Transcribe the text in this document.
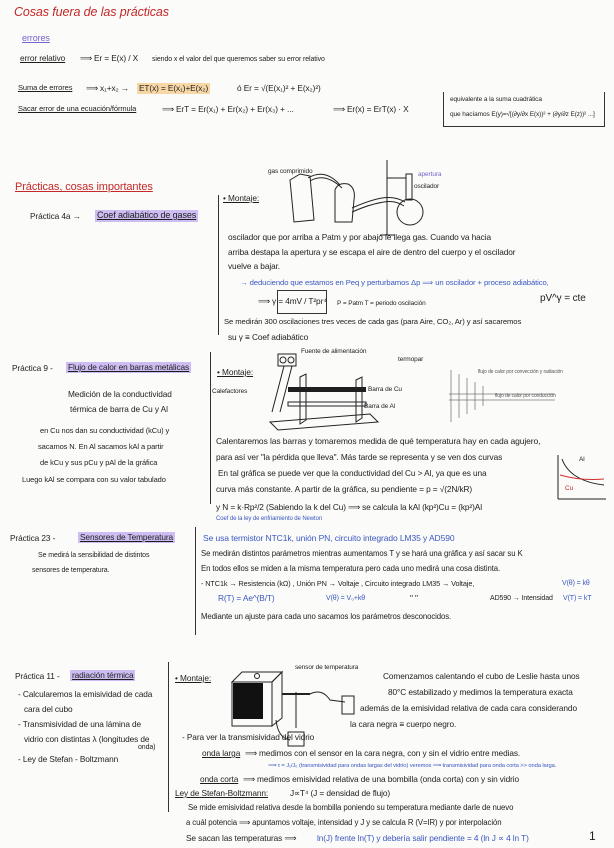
Cosas fuera de las prácticas
errores
error relativo ⟹ Er = E(x) / X siendo x el valor del que queremos saber su error relativo
Suma de errores ⟹ x₁+x₂ → ET(x) = E(x₁)+E(x₂)	ó Er = √(E(x₁)² + E(x₂)²)
Sacar error de una ecuación/fórmula	⟹ ErT = Er(x₁) + Er(x₂) + Er(x₃) + ...	⟹ Er(x) = ErT(x) · X
equivalente a la suma cuadrática
que hacíamos E(y)=√[(∂y/∂x E(x))² + (∂y/∂z E(z))² ...]
Prácticas, cosas importantes
Práctica 4a → Coef adiabático de gases
• Montaje:
gas comprimido	apertura
oscilador
oscilador que por arriba a Patm y por abajo le llega gas. Cuando va hacia
arriba destapa la apertura y se escapa el aire de dentro del cuerpo y el oscilador
vuelve a bajar.
→ deduciendo que estamos en Peq y perturbamos Δp ⟹ un oscilador + proceso adiabático,
⟹ γ = 4mV / T²pr⁴ P = Patm T = periodo oscilación	pV^γ = cte
Se medirán 300 oscilaciones tres veces de cada gas (para Aire, CO₂, Ar) y así sacaremos
su γ ≡ Coef adiabático
Práctica 9 - Flujo de calor en barras metálicas
Medición de la conductividad
térmica de barra de Cu y Al
en Cu nos dan su conductividad (kCu) y
sacamos N. En Al sacamos kAl a partir
de kCu y sus pCu y pAl de la gráfica
Luego kAl se compara con su valor tabulado
• Montaje:
Fuente de alimentación
termopar
Calefactores	Barra de Cu
Barra de Al
flujo de calor por convección y radiación
flujo de calor por conducción
Al
Cu
Calentaremos las barras y tomaremos medida de qué temperatura hay en cada agujero,
para así ver "la pérdida que lleva". Más tarde se representa y se ven dos curvas
En tal gráfica se puede ver que la conductividad del Cu > Al, ya que es una
curva más constante. A partir de la gráfica, su pendiente = p = √(2N/kR)
y N = k·Rp²/2 (Sabiendo la k del Cu) ⟹ se calcula la kAl (kp²)Cu = (kp²)Al
Coef de la ley de enfriamiento de Newton
Práctica 23 -	Sensores de Temperatura
Se medirá la sensibilidad de distintos
sensores de temperatura.
Se usa termistor NTC1k, unión PN, circuito integrado LM35 y AD590
Se medirán distintos parámetros mientras aumentamos T y se hará una gráfica y así sacar su K
En todos ellos se miden a la misma temperatura pero cada uno medirá una cosa distinta.
- NTC1k → Resistencia (kΩ) , Unión PN → Voltaje , Circuito integrado LM35 → Voltaje,	V(θ) = kθ
R(T) = Ae^(B/T)	V(θ) = V₀+kθ	" "	AD590 → Intensidad V(T) = kT
Mediante un ajuste para cada uno sacamos los parámetros desconocidos.
Práctica 11 - radiación térmica
- Calcularemos la emisividad de cada
cara del cubo
- Transmisividad de una lámina de
vidrio con distintas λ (longitudes de
onda)
- Ley de Stefan - Boltzmann
• Montaje:
sensor de temperatura
Comenzamos calentando el cubo de Leslie hasta unos
80°C estabilizado y medimos la temperatura exacta
además de la emisividad relativa de cada cara considerando
la cara negra ≡ cuerpo negro.
- Para ver la transmisividad del vidrio
onda larga ⟹ medimos con el sensor en la cara negra, con y sin el vidrio entre medias.
⟹ τ = J₁/J₀ (transmisividad para ondas largas del vidrio) veremos ⟹ transmisividad para onda corta >> onda larga.
onda corta ⟹ medimos emisividad relativa de una bombilla (onda corta) con y sin vidrio
Ley de Stefan-Boltzmann:	J∝T⁴ (J = densidad de flujo)
Se mide emisividad relativa desde la bombilla poniendo su temperatura mediante darle de nuevo
a cuál potencia ⟹ apuntamos voltaje, intensidad y J y se calcula R (V=IR) y por interpolación
Se sacan las temperaturas ⟹	ln(J) frente ln(T) y debería salir pendiente = 4 (ln J ∝ 4 ln T)	1
